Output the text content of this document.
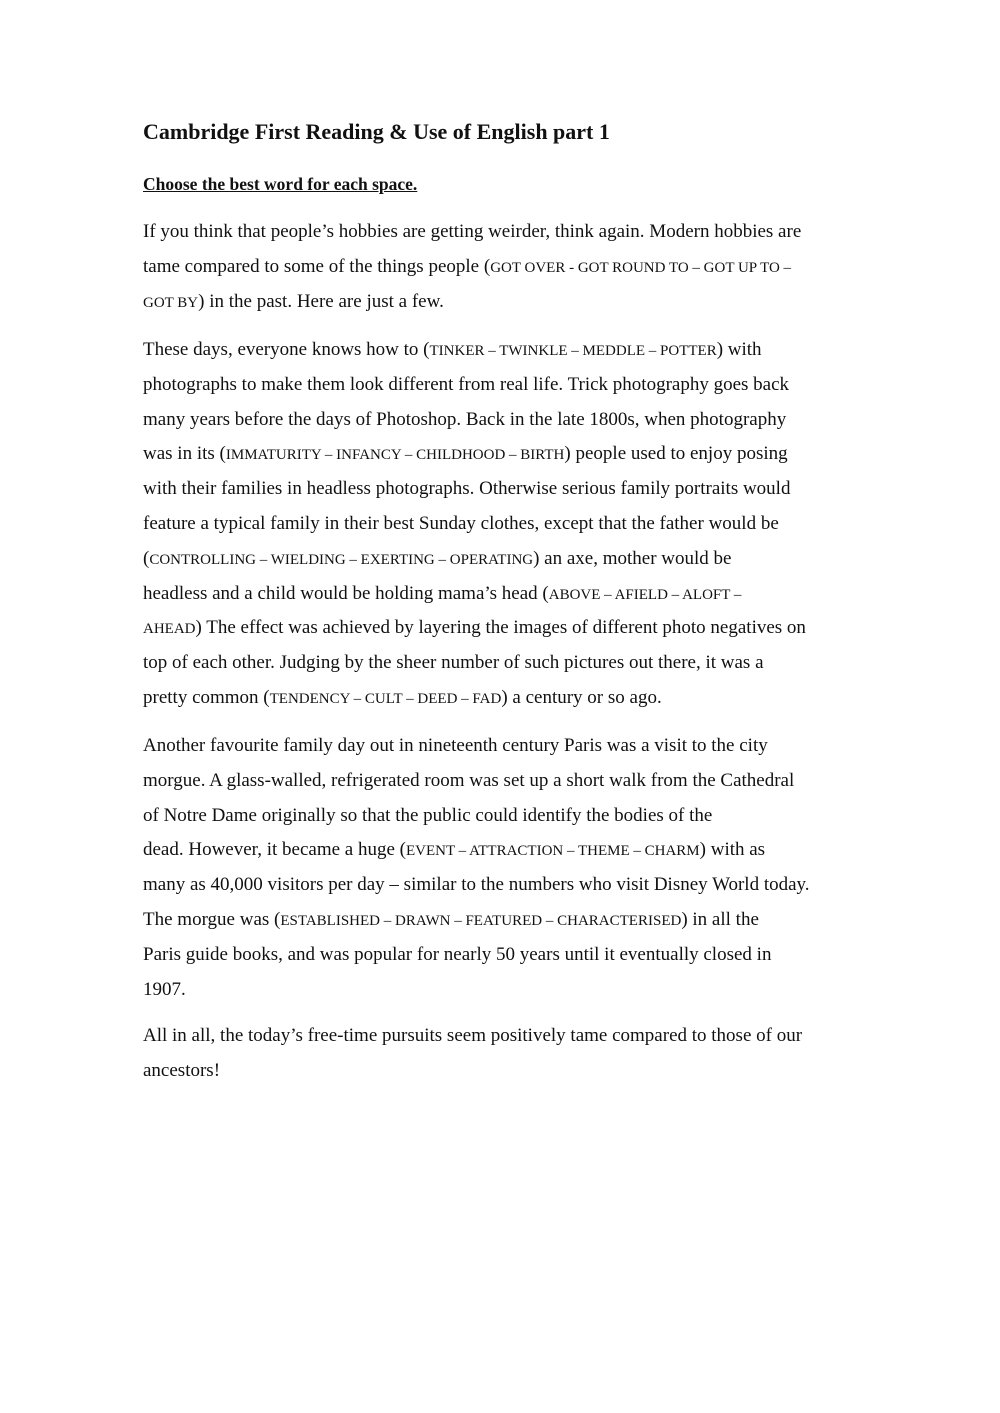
Cambridge First Reading & Use of English part 1
Choose the best word for each space.
If you think that people’s hobbies are getting weirder, think again. Modern hobbies are
tame compared to some of the things people (GOT OVER - GOT ROUND TO – GOT UP TO –
GOT BY) in the past. Here are just a few.
These days, everyone knows how to (TINKER – TWINKLE – MEDDLE – POTTER) with
photographs to make them look different from real life. Trick photography goes back
many years before the days of Photoshop. Back in the late 1800s, when photography
was in its (IMMATURITY – INFANCY – CHILDHOOD – BIRTH) people used to enjoy posing
with their families in headless photographs. Otherwise serious family portraits would
feature a typical family in their best Sunday clothes, except that the father would be
(CONTROLLING – WIELDING – EXERTING – OPERATING) an axe, mother would be
headless and a child would be holding mama’s head (ABOVE – AFIELD – ALOFT –
AHEAD) The effect was achieved by layering the images of different photo negatives on
top of each other. Judging by the sheer number of such pictures out there, it was a
pretty common (TENDENCY – CULT – DEED – FAD) a century or so ago.
Another favourite family day out in nineteenth century Paris was a visit to the city
morgue. A glass-walled, refrigerated room was set up a short walk from the Cathedral
of Notre Dame originally so that the public could identify the bodies of the
dead. However, it became a huge (EVENT – ATTRACTION – THEME – CHARM) with as
many as 40,000 visitors per day – similar to the numbers who visit Disney World today.
The morgue was (ESTABLISHED – DRAWN – FEATURED – CHARACTERISED) in all the
Paris guide books, and was popular for nearly 50 years until it eventually closed in
1907.
All in all, the today’s free-time pursuits seem positively tame compared to those of our
ancestors!
